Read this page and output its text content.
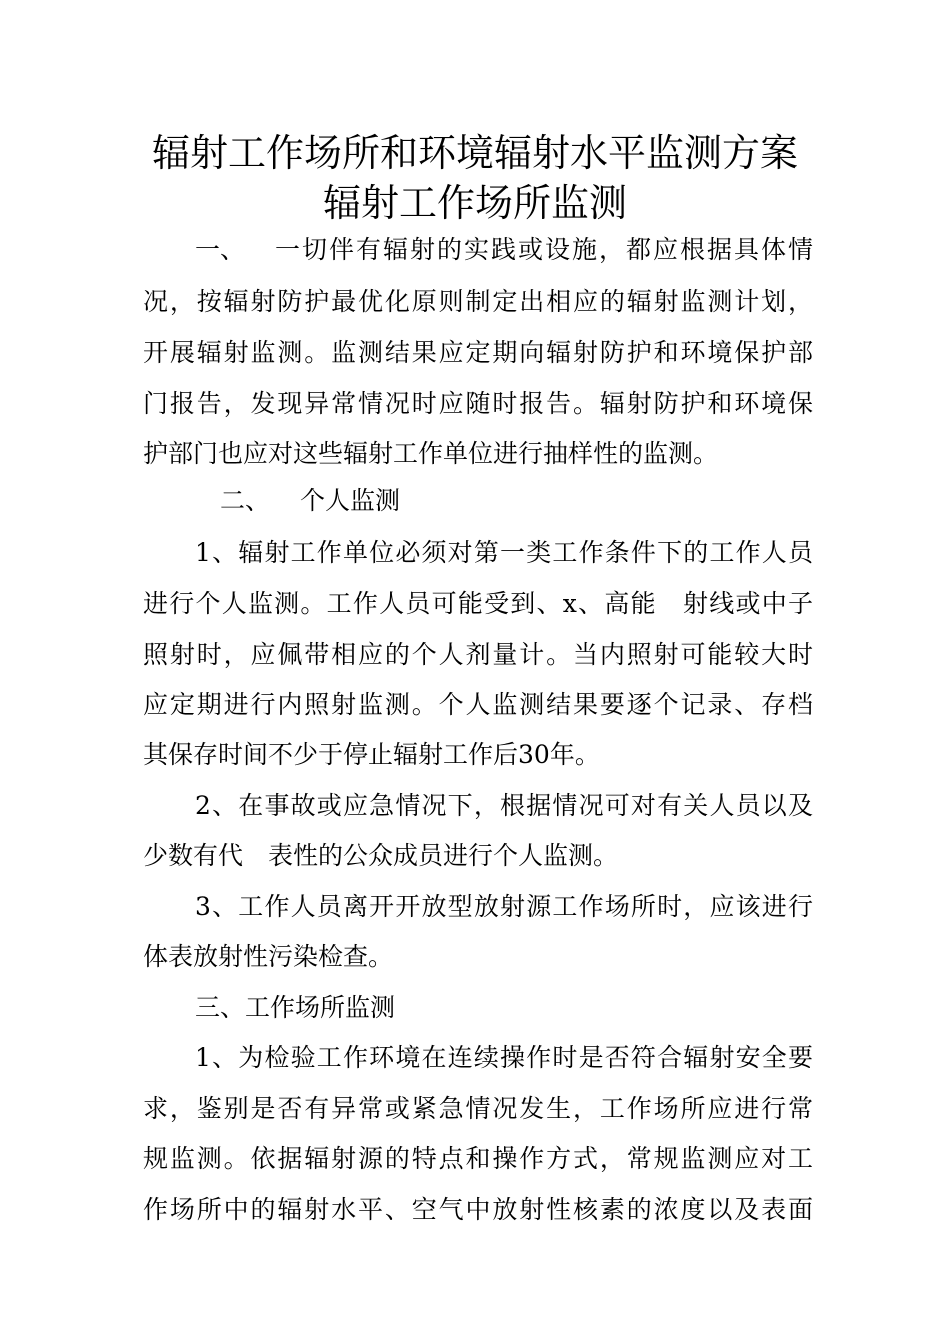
辐射工作场所和环境辐射水平监测方案
辐射工作场所监测
一、 一切伴有辐射的实践或设施，都应根据具体情
况，按辐射防护最优化原则制定出相应的辐射监测计划，
开展辐射监测。监测结果应定期向辐射防护和环境保护部
门报告，发现异常情况时应随时报告。辐射防护和环境保
护部门也应对这些辐射工作单位进行抽样性的监测。
二、 个人监测
1、辐射工作单位必须对第一类工作条件下的工作人员
进行个人监测。工作人员可能受到、x、高能　射线或中子
照射时，应佩带相应的个人剂量计。当内照射可能较大时
应定期进行内照射监测。个人监测结果要逐个记录、存档
其保存时间不少于停止辐射工作后30年。
2、在事故或应急情况下，根据情况可对有关人员以及
少数有代　表性的公众成员进行个人监测。
3、工作人员离开开放型放射源工作场所时，应该进行
体表放射性污染检查。
三、工作场所监测
1、为检验工作环境在连续操作时是否符合辐射安全要
求，鉴别是否有异常或紧急情况发生，工作场所应进行常
规监测。依据辐射源的特点和操作方式，常规监测应对工
作场所中的辐射水平、空气中放射性核素的浓度以及表面
